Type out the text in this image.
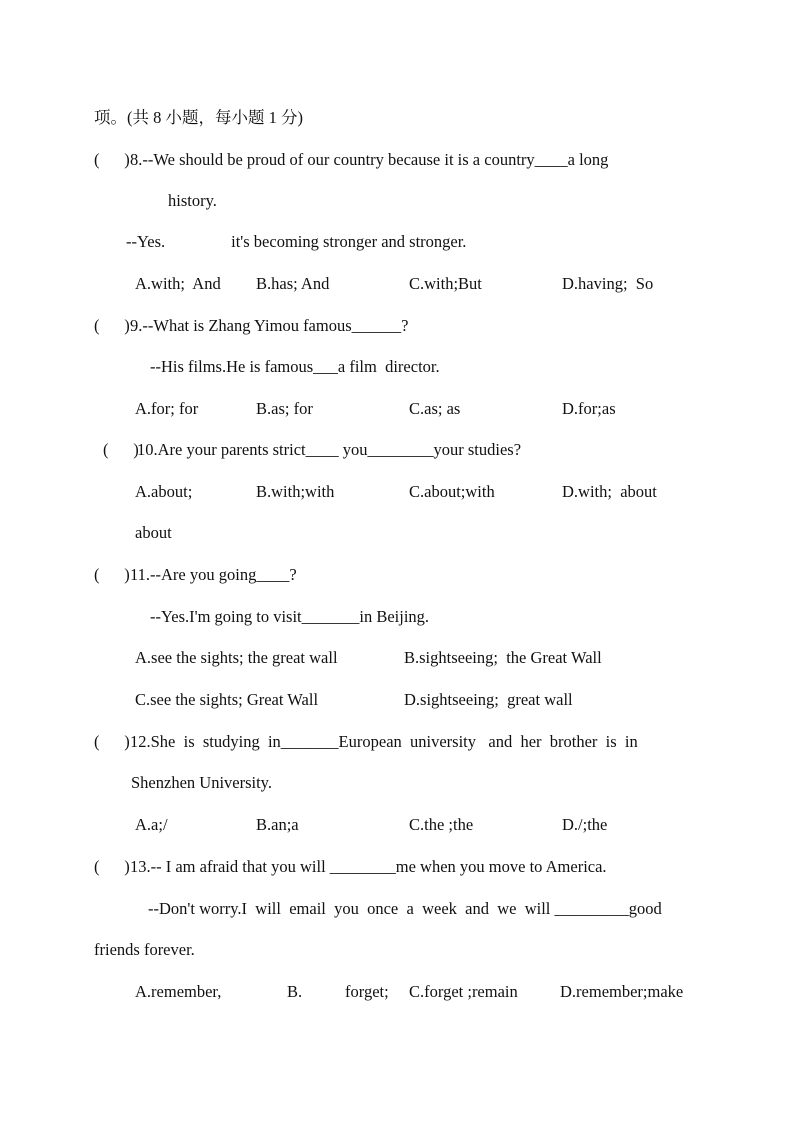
项。(共 8 小题，每小题 1 分)
(      ) 8.--We should be proud of our country because it is a country____a long
history.
--Yes.                it's becoming stronger and stronger.
A.with;  And B.has; And	C.with;But	D.having;  So
(      ) 9.--What is Zhang Yimou famous______?
--His films.He is famous___a film  director.
A.for; for	B.as; for	C.as; as	D.for;as
(      )
10.Are your parents strict____ you________your studies?
A.about;	B.with;with	C.about;with	D.with;  about
about
(      ) 11.--Are you going____?
--Yes.I'm going to visit_______in Beijing.
A.see the sights; the great wall	B.sightseeing;  the Great Wall
C.see the sights; Great Wall	D.sightseeing;  great wall
(      ) 12.She  is  studying  in_______European  university   and  her  brother  is  in
Shenzhen University.
A.a;/	B.an;a	C.the ;the	D./;the
(      ) 13.-- I am afraid that you will ________me when you move to America.
--Don't worry.I  will  email  you  once  a  week  and  we  will _________good
friends forever.
A.remember,	B.	forget; C.forget ;remain	D.remember;make
